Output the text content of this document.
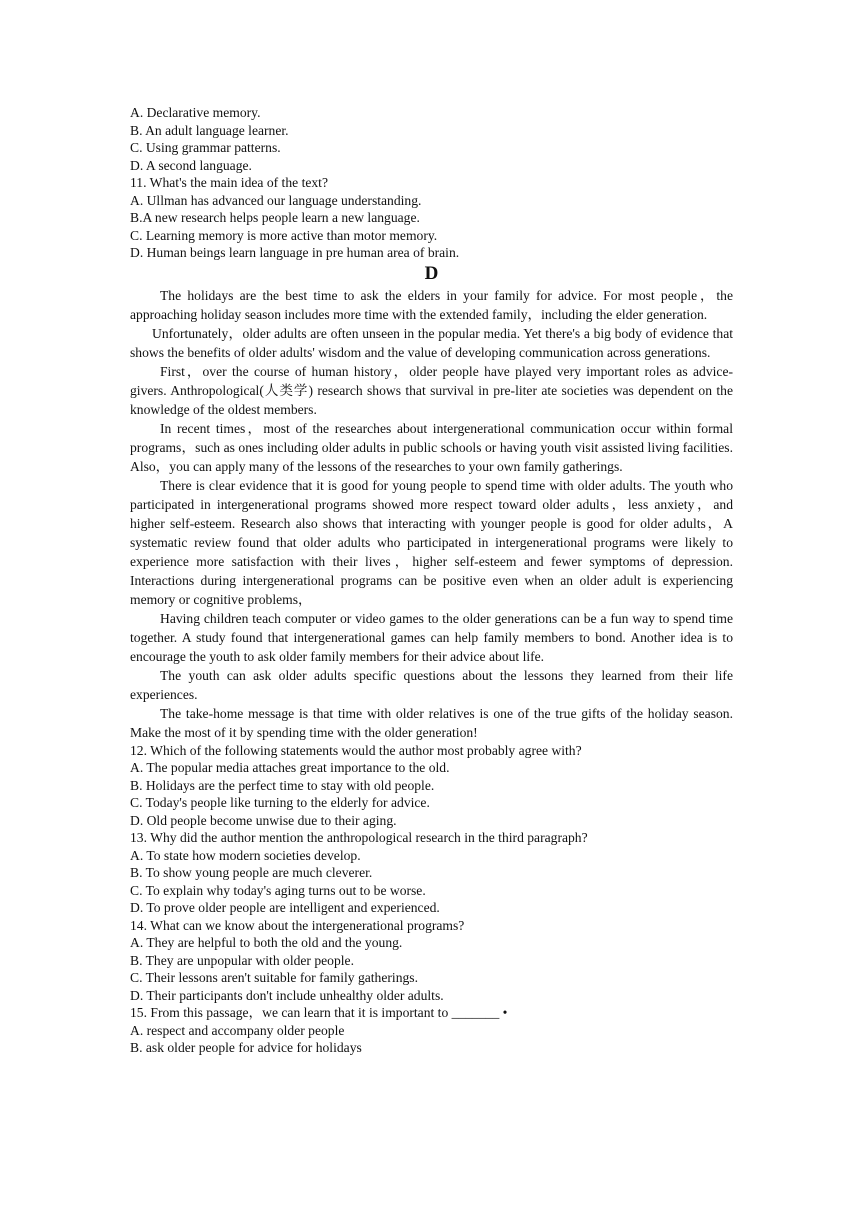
A. Declarative memory.
B. An adult language learner.
C. Using grammar patterns.
D. A second language.
11. What's the main idea of the text?
A. Ullman has advanced our language understanding.
B.A new research helps people learn a new language.
C. Learning memory is more active than motor memory.
D. Human beings learn language in pre human area of brain.
D

The holidays are the best time to ask the elders in your family for advice. For most people，the approaching holiday season includes more time with the extended family，including the elder generation.

Unfortunately，older adults are often unseen in the popular media. Yet there's a big body of evidence that shows the benefits of older adults' wisdom and the value of developing communication across generations.

First，over the course of human history，older people have played very important roles as advice-givers. Anthropological(人类学) research shows that survival in pre-liter ate societies was dependent on the knowledge of the oldest members.

In recent times，most of the researches about intergenerational communication occur within formal programs，such as ones including older adults in public schools or having youth visit assisted living facilities. Also，you can apply many of the lessons of the researches to your own family gatherings.

There is clear evidence that it is good for young people to spend time with older adults. The youth who participated in intergenerational programs showed more respect toward older adults，less anxiety，and higher self-esteem. Research also shows that interacting with younger people is good for older adults，A systematic review found that older adults who participated in intergenerational programs were likely to experience more satisfaction with their lives，higher self-esteem and fewer symptoms of depression. Interactions during intergenerational programs can be positive even when an older adult is experiencing memory or cognitive problems，

Having children teach computer or video games to the older generations can be a fun way to spend time together. A study found that intergenerational games can help family members to bond. Another idea is to encourage the youth to ask older family members for their advice about life.

The youth can ask older adults specific questions about the lessons they learned from their life experiences.

The take-home message is that time with older relatives is one of the true gifts of the holiday season. Make the most of it by spending time with the older generation!

12. Which of the following statements would the author most probably agree with?
A. The popular media attaches great importance to the old.
B. Holidays are the perfect time to stay with old people.
C. Today's people like turning to the elderly for advice.
D. Old people become unwise due to their aging.
13. Why did the author mention the anthropological research in the third paragraph?
A. To state how modern societies develop.
B. To show young people are much cleverer.
C. To explain why today's aging turns out to be worse.
D. To prove older people are intelligent and experienced.
14. What can we know about the intergenerational programs?
A. They are helpful to both the old and the young.
B. They are unpopular with older people.
C. Their lessons aren't suitable for family gatherings.
D. Their participants don't include unhealthy older adults.
15. From this passage，we can learn that it is important to _______ •
A. respect and accompany older people
B. ask older people for advice for holidays
